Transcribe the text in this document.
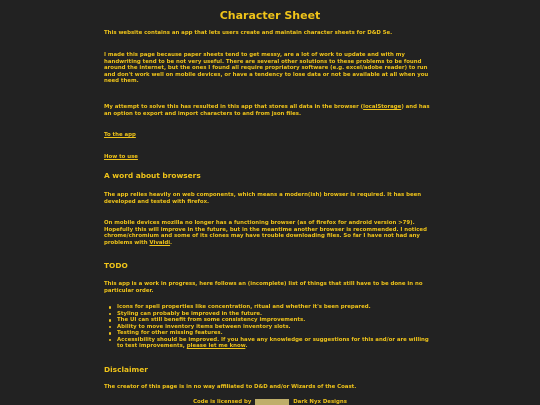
Character Sheet

This website contains an app that lets users create and maintain character sheets for D&D 5e.

I made this page because paper sheets tend to get messy, are a lot of work to update and with my handwriting tend to be not very useful. There are several other solutions to these problems to be found around the internet, but the ones I found all require propriatory software (e.g. excel/adobe reader) to run and don't work well on mobile devices, or have a tendency to lose data or not be available at all when you need them.

My attempt to solve this has resulted in this app that stores all data in the browser (localStorage) and has an option to export and import characters to and from json files.

To the app

How to use

A word about browsers

The app relies heavily on web components, which means a modern(ish) browser is required. It has been developed and tested with firefox.

On mobile devices mozilla no longer has a functioning browser (as of firefox for android version >79). Hopefully this will improve in the future, but in the meantime another browser is recommended. I noticed chrome/chromium and some of its clones may have trouble downloading files. So far I have not had any problems with Vivaldi.

TODO

This app is a work in progress, here follows an (incomplete) list of things that still have to be done in no particular order.

Icons for spell properties like concentration, ritual and whether it's been prepared.
Styling can probably be improved in the future.
The UI can still benefit from some consistency improvements.
Ability to move inventory items between inventory slots.
Testing for other missing features.
Accessibility should be improved. If you have any knowledge or suggestions for this and/or are willing to test improvements, please let me know.
Disclaimer

The creator of this page is in no way affiliated to D&D and/or Wizards of the Coast.

Code is licensed by	Dark Nyx Designs
